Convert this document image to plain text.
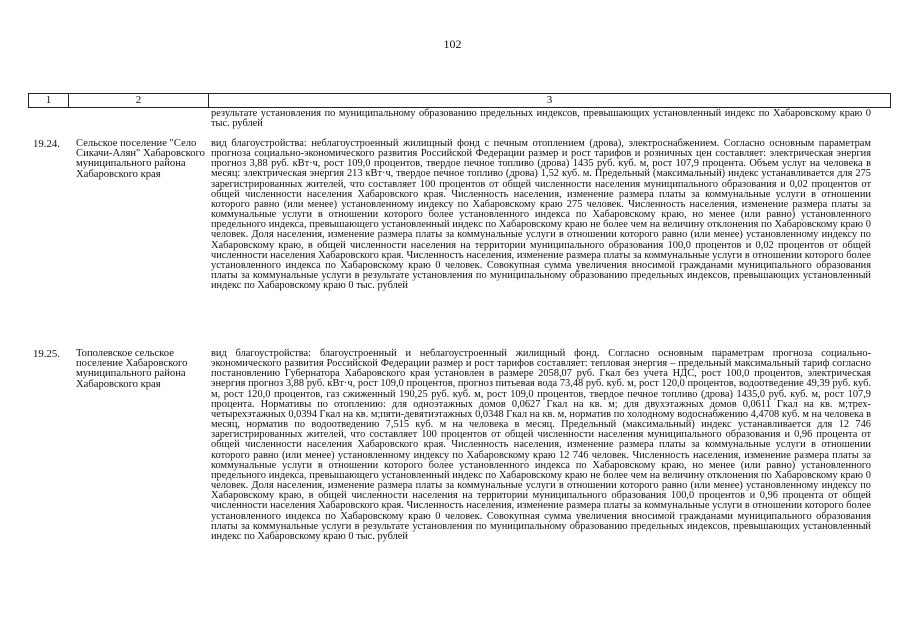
102
1	2	3

результате установления по муниципальному образованию предельных индексов, превышающих установленный индекс по Хабаровскому краю 0 тыс. рублей

19.24. Сельское поселение "Село Сикачи-Алян" Хабаровского муниципального района Хабаровского края

вид благоустройства: неблагоустроенный жилищный фонд с печным отоплением (дрова), электроснабжением. Согласно основным параметрам прогноза социально-экономического развития Российской Федерации размер и рост тарифов и розничных цен составляет: электрическая энергия прогноз 3,88 руб. кВт·ч, рост 109,0 процентов, твердое печное топливо (дрова) 1435 руб. куб. м, рост 107,9 процента. Объем услуг на человека в месяц: электрическая энергия 213 кВт·ч, твердое печное топливо (дрова) 1,52 куб. м. Предельный (максимальный) индекс устанавливается для 275 зарегистрированных жителей, что составляет 100 процентов от общей численности населения муниципального образования и 0,02 процентов от общей численности населения Хабаровского края. Численность населения, изменение размера платы за коммунальные услуги в отношении которого равно (или менее) установленному индексу по Хабаровскому краю 275 человек. Численность населения, изменение размера платы за коммунальные услуги в отношении которого более установленного индекса по Хабаровскому краю, но менее (или равно) установленного предельного индекса, превышающего установленный индекс по Хабаровскому краю не более чем на величину отклонения по Хабаровскому краю 0 человек. Доля населения, изменение размера платы за коммунальные услуги в отношении которого равно (или менее) установленному индексу по Хабаровскому краю, в общей численности населения на территории муниципального образования 100,0 процентов и 0,02 процентов от общей численности населения Хабаровского края. Численность населения, изменение размера платы за коммунальные услуги в отношении которого более установленного индекса по Хабаровскому краю 0 человек. Совокупная сумма увеличения вносимой гражданами муниципального образования платы за коммунальные услуги в результате установления по муниципальному образованию предельных индексов, превышающих установленный индекс по Хабаровскому краю 0 тыс. рублей

19.25. Тополевское сельское поселение Хабаровского муниципального района Хабаровского края

вид благоустройства: благоустроенный и неблагоустроенный жилищный фонд. Согласно основным параметрам прогноза социально-экономического развития Российской Федерации размер и рост тарифов составляет: тепловая энергия – предельный максимальный тариф согласно постановлению Губернатора Хабаровского края установлен в размере 2058,07 руб. Гкал без учета НДС, рост 100,0 процентов, электрическая энергия прогноз 3,88 руб. кВт·ч, рост 109,0 процентов, прогноз питьевая вода 73,48 руб. куб. м, рост 120,0 процентов, водоотведение 49,39 руб. куб. м, рост 120,0 процентов, газ сжиженный 190,25 руб. куб. м, рост 109,0 процентов, твердое печное топливо (дрова) 1435,0 руб. куб. м, рост 107,9 процента. Нормативы по отоплению: для одноэтажных домов 0,0627 Гкал на кв. м; для двухэтажных домов 0,0611 Гкал на кв. м;трех-четырехэтажных 0,0394 Гкал на кв. м;пяти-девятиэтажных 0,0348 Гкал на кв. м, норматив по холодному водоснабжению 4,4708 куб. м на человека в месяц, норматив по водоотведению 7,515 куб. м на человека в месяц. Предельный (максимальный) индекс устанавливается для 12 746 зарегистрированных жителей, что составляет 100 процентов от общей численности населения муниципального образования и 0,96 процента от общей численности населения Хабаровского края. Численность населения, изменение размера платы за коммунальные услуги в отношении которого равно (или менее) установленному индексу по Хабаровскому краю 12 746 человек. Численность населения, изменение размера платы за коммунальные услуги в отношении которого более установленного индекса по Хабаровскому краю, но менее (или равно) установленного предельного индекса, превышающего установленный индекс по Хабаровскому краю не более чем на величину отклонения по Хабаровскому краю 0 человек. Доля населения, изменение размера платы за коммунальные услуги в отношении которого равно (или менее) установленному индексу по Хабаровскому краю, в общей численности населения на территории муниципального образования 100,0 процентов и 0,96 процента от общей численности населения Хабаровского края. Численность населения, изменение размера платы за коммунальные услуги в отношении которого более установленного индекса по Хабаровскому краю 0 человек. Совокупная сумма увеличения вносимой гражданами муниципального образования платы за коммунальные услуги в результате установления по муниципальному образованию предельных индексов, превышающих установленный индекс по Хабаровскому краю 0 тыс. рублей
